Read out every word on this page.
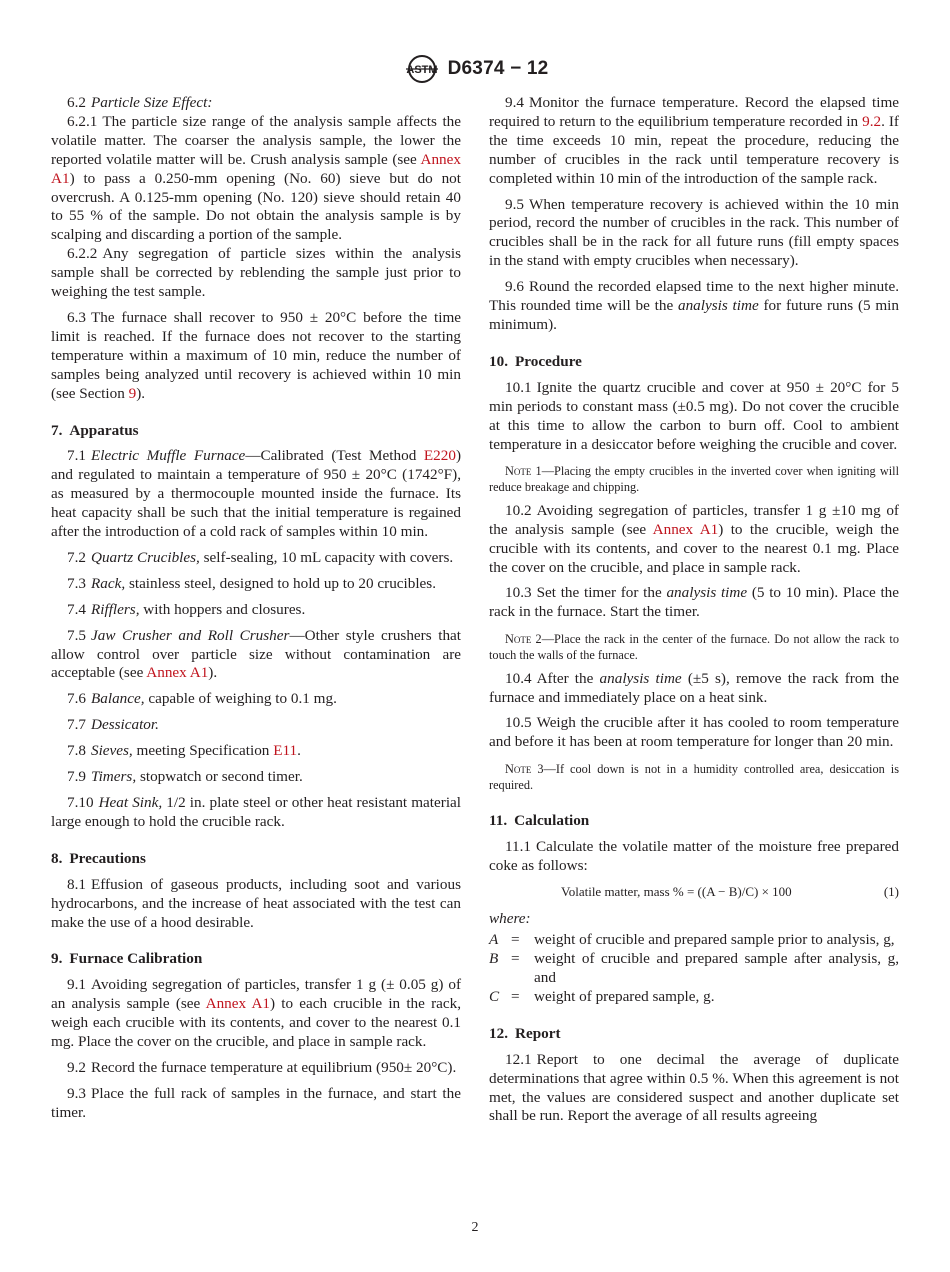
ASTM D6374 − 12

6.2 Particle Size Effect:

6.2.1 The particle size range of the analysis sample affects the volatile matter. The coarser the analysis sample, the lower the reported volatile matter will be. Crush analysis sample (see Annex A1) to pass a 0.250-mm opening (No. 60) sieve but do not overcrush. A 0.125-mm opening (No. 120) sieve should retain 40 to 55 % of the sample. Do not obtain the analysis sample is by scalping and discarding a portion of the sample.

6.2.2 Any segregation of particle sizes within the analysis sample shall be corrected by reblending the sample just prior to weighing the test sample.

6.3 The furnace shall recover to 950 ± 20°C before the time limit is reached. If the furnace does not recover to the starting temperature within a maximum of 10 min, reduce the number of samples being analyzed until recovery is achieved within 10 min (see Section 9).

7. Apparatus

7.1 Electric Muffle Furnace—Calibrated (Test Method E220) and regulated to maintain a temperature of 950 ± 20°C (1742°F), as measured by a thermocouple mounted inside the furnace. Its heat capacity shall be such that the initial temperature is regained after the introduction of a cold rack of samples within 10 min.

7.2 Quartz Crucibles, self-sealing, 10 mL capacity with covers.

7.3 Rack, stainless steel, designed to hold up to 20 crucibles.

7.4 Rifflers, with hoppers and closures.

7.5 Jaw Crusher and Roll Crusher—Other style crushers that allow control over particle size without contamination are acceptable (see Annex A1).

7.6 Balance, capable of weighing to 0.1 mg.

7.7 Dessicator.

7.8 Sieves, meeting Specification E11.

7.9 Timers, stopwatch or second timer.

7.10 Heat Sink, 1/2 in. plate steel or other heat resistant material large enough to hold the crucible rack.

8. Precautions

8.1 Effusion of gaseous products, including soot and various hydrocarbons, and the increase of heat associated with the test can make the use of a hood desirable.

9. Furnace Calibration

9.1 Avoiding segregation of particles, transfer 1 g (± 0.05 g) of an analysis sample (see Annex A1) to each crucible in the rack, weigh each crucible with its contents, and cover to the nearest 0.1 mg. Place the cover on the crucible, and place in sample rack.

9.2 Record the furnace temperature at equilibrium (950± 20°C).

9.3 Place the full rack of samples in the furnace, and start the timer.

9.4 Monitor the furnace temperature. Record the elapsed time required to return to the equilibrium temperature recorded in 9.2. If the time exceeds 10 min, repeat the procedure, reducing the number of crucibles in the rack until temperature recovery is completed within 10 min of the introduction of the sample rack.

9.5 When temperature recovery is achieved within the 10 min period, record the number of crucibles in the rack. This number of crucibles shall be in the rack for all future runs (fill empty spaces in the stand with empty crucibles when necessary).

9.6 Round the recorded elapsed time to the next higher minute. This rounded time will be the analysis time for future runs (5 min minimum).

10. Procedure

10.1 Ignite the quartz crucible and cover at 950 ± 20°C for 5 min periods to constant mass (±0.5 mg). Do not cover the crucible at this time to allow the carbon to burn off. Cool to ambient temperature in a desiccator before weighing the crucible and cover.

Note 1—Placing the empty crucibles in the inverted cover when igniting will reduce breakage and chipping.

10.2 Avoiding segregation of particles, transfer 1 g ±10 mg of the analysis sample (see Annex A1) to the crucible, weigh the crucible with its contents, and cover to the nearest 0.1 mg. Place the cover on the crucible, and place in sample rack.

10.3 Set the timer for the analysis time (5 to 10 min). Place the rack in the furnace. Start the timer.

Note 2—Place the rack in the center of the furnace. Do not allow the rack to touch the walls of the furnace.

10.4 After the analysis time (±5 s), remove the rack from the furnace and immediately place on a heat sink.

10.5 Weigh the crucible after it has cooled to room temperature and before it has been at room temperature for longer than 20 min.

Note 3—If cool down is not in a humidity controlled area, desiccation is required.

11. Calculation

11.1 Calculate the volatile matter of the moisture free prepared coke as follows:

Volatile matter, mass % = ((A − B)/C) × 100	(1)
where:
A = weight of crucible and prepared sample prior to analysis, g,
B = weight of crucible and prepared sample after analysis, g, and
C = weight of prepared sample, g.
12. Report

12.1 Report to one decimal the average of duplicate determinations that agree within 0.5 %. When this agreement is not met, the values are considered suspect and another duplicate set shall be run. Report the average of all results agreeing

2
